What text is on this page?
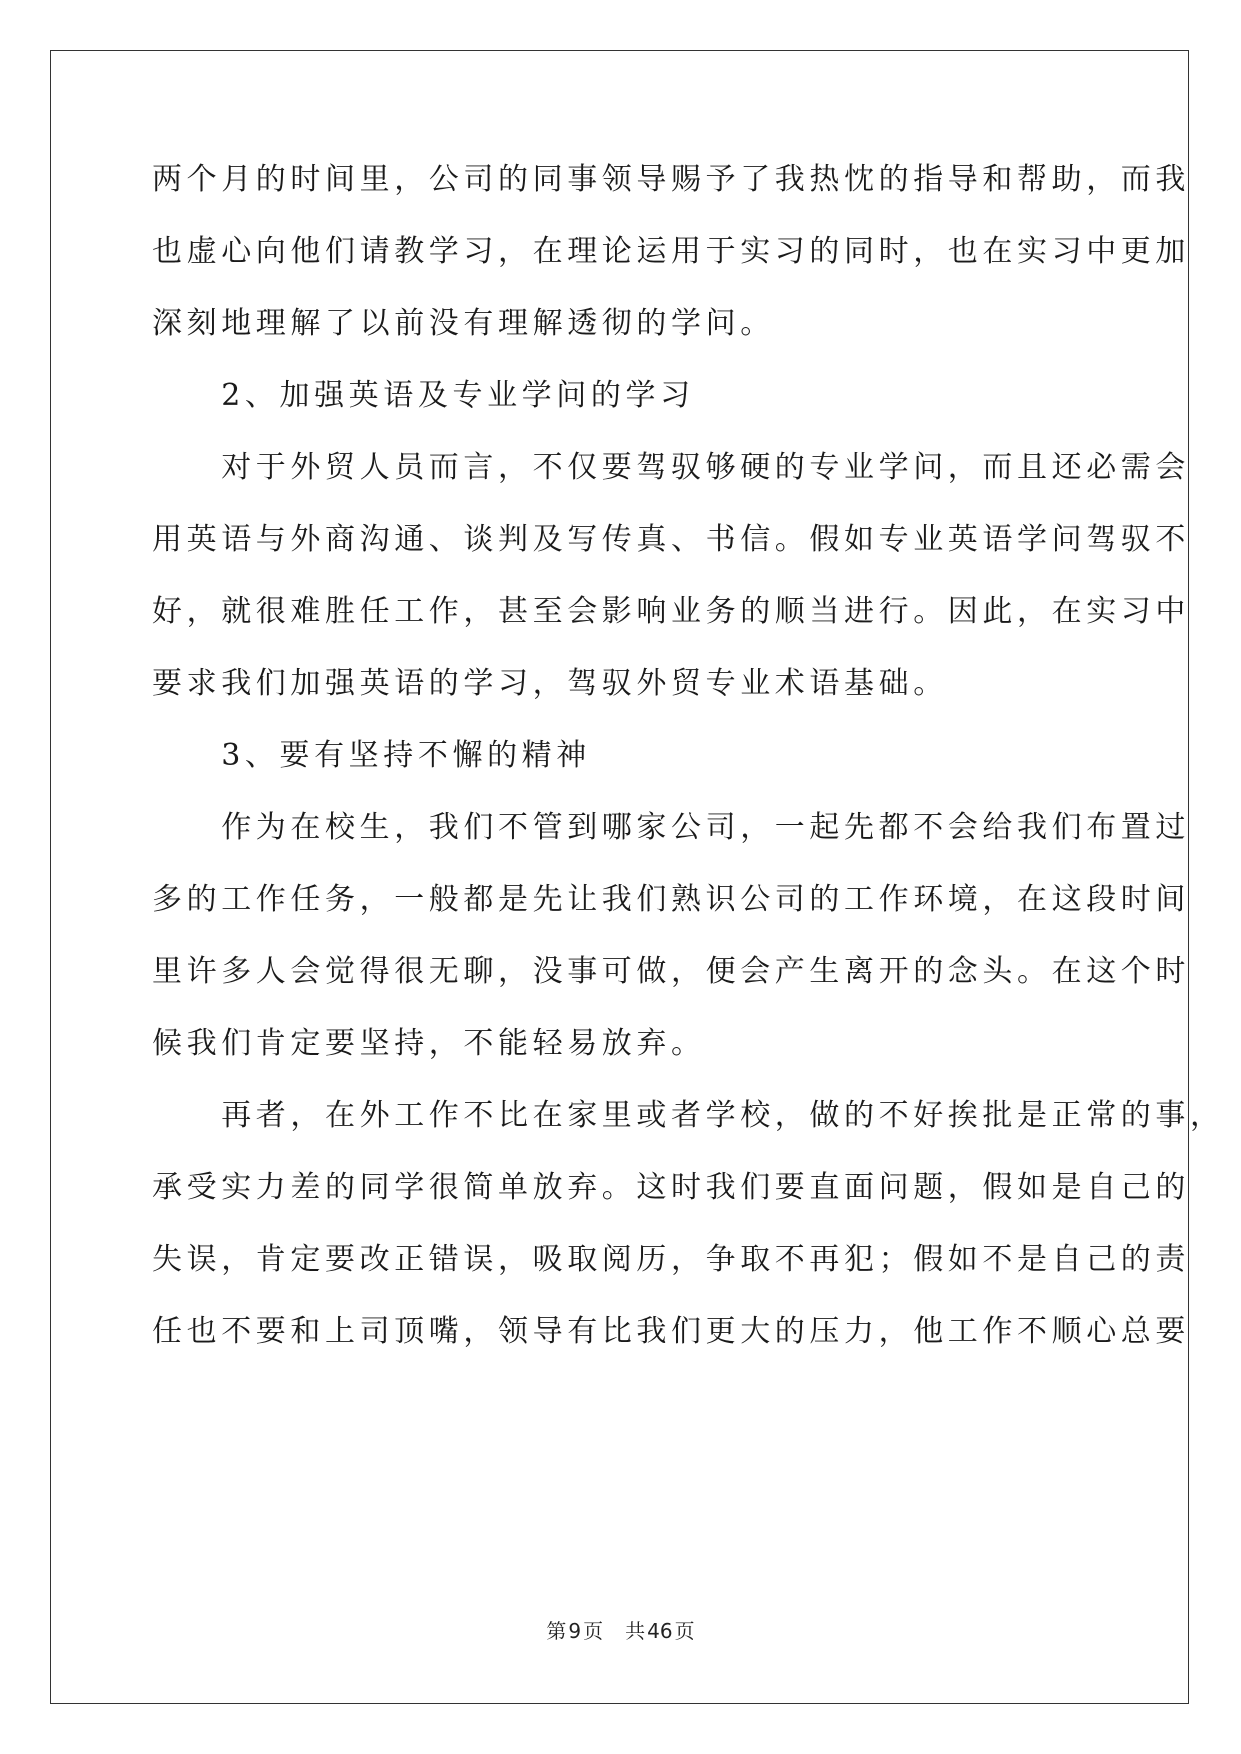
两个月的时间里，公司的同事领导赐予了我热忱的指导和帮助，而我
也虚心向他们请教学习，在理论运用于实习的同时，也在实习中更加
深刻地理解了以前没有理解透彻的学问。
　　2、加强英语及专业学问的学习
　　对于外贸人员而言，不仅要驾驭够硬的专业学问，而且还必需会
用英语与外商沟通、谈判及写传真、书信。假如专业英语学问驾驭不
好，就很难胜任工作，甚至会影响业务的顺当进行。因此，在实习中
要求我们加强英语的学习，驾驭外贸专业术语基础。
　　3、要有坚持不懈的精神
　　作为在校生，我们不管到哪家公司，一起先都不会给我们布置过
多的工作任务，一般都是先让我们熟识公司的工作环境，在这段时间
里许多人会觉得很无聊，没事可做，便会产生离开的念头。在这个时
候我们肯定要坚持，不能轻易放弃。
　　再者，在外工作不比在家里或者学校，做的不好挨批是正常的事，
承受实力差的同学很简单放弃。这时我们要直面问题，假如是自己的
失误，肯定要改正错误，吸取阅历，争取不再犯；假如不是自己的责
任也不要和上司顶嘴，领导有比我们更大的压力，他工作不顺心总要
第 9 页 共 46 页
